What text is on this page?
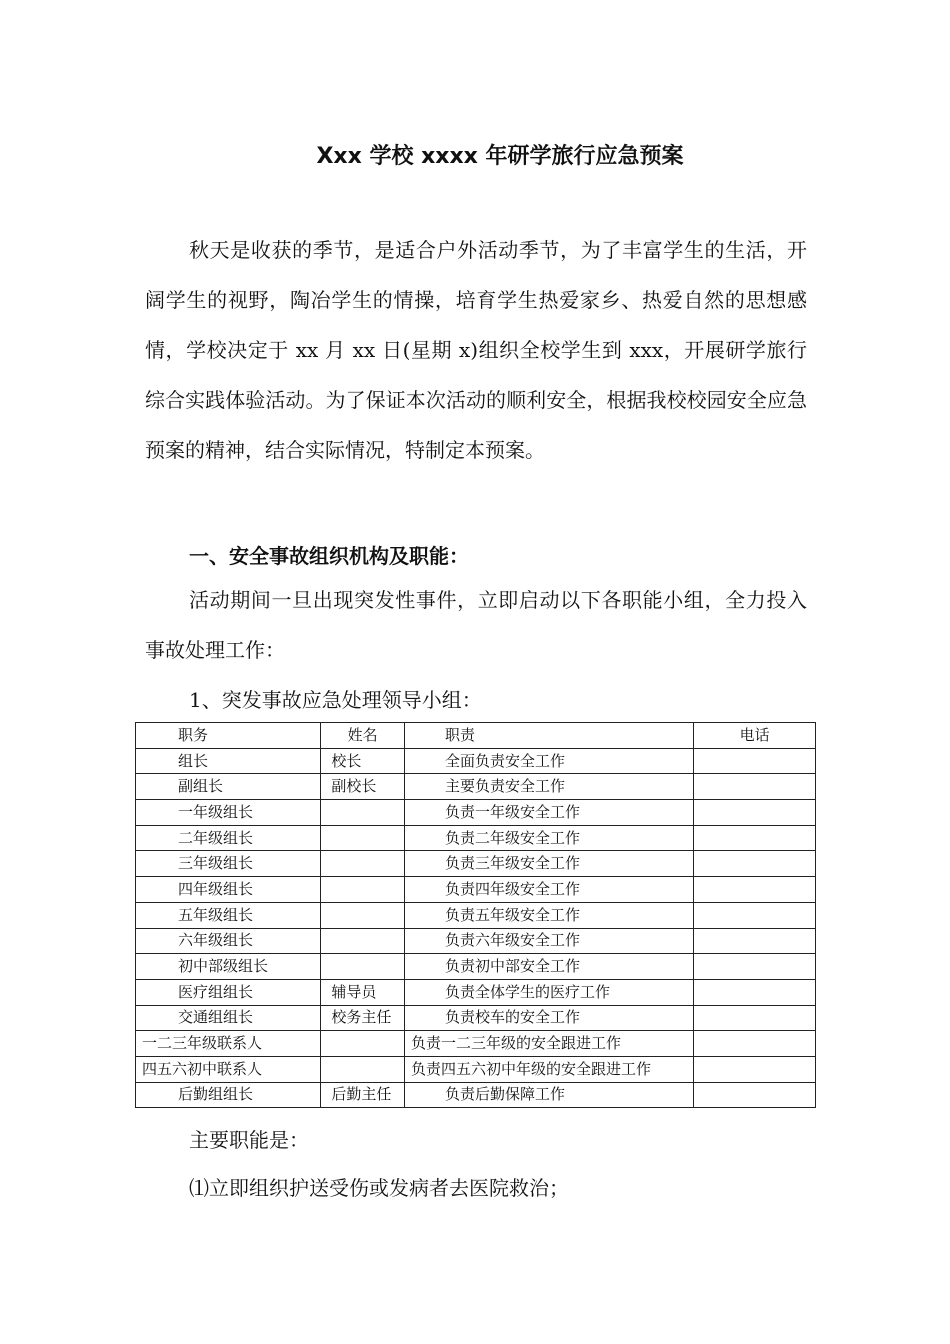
Xxx 学校 xxxx 年研学旅行应急预案
秋天是收获的季节，是适合户外活动季节，为了丰富学生的生活，开阔学生的视野，陶冶学生的情操，培育学生热爱家乡、热爱自然的思想感情，学校决定于 xx 月 xx 日(星期 x)组织全校学生到 xxx，开展研学旅行综合实践体验活动。为了保证本次活动的顺利安全，根据我校校园安全应急预案的精神，结合实际情况，特制定本预案。
一、安全事故组织机构及职能：
活动期间一旦出现突发性事件，立即启动以下各职能小组，全力投入事故处理工作：
1、突发事故应急处理领导小组：
职务	姓名	职责	电话
组长	校长	全面负责安全工作	
副组长	副校长	主要负责安全工作	
一年级组长		负责一年级安全工作	
二年级组长		负责二年级安全工作	
三年级组长		负责三年级安全工作	
四年级组长		负责四年级安全工作	
五年级组长		负责五年级安全工作	
六年级组长		负责六年级安全工作	
初中部级组长		负责初中部安全工作	
医疗组组长	辅导员	负责全体学生的医疗工作	
交通组组长	校务主任	负责校车的安全工作	
一二三年级联系人		负责一二三年级的安全跟进工作	
四五六初中联系人		负责四五六初中年级的安全跟进工作	
后勤组组长	后勤主任	负责后勤保障工作	
主要职能是：
⑴立即组织护送受伤或发病者去医院救治；
